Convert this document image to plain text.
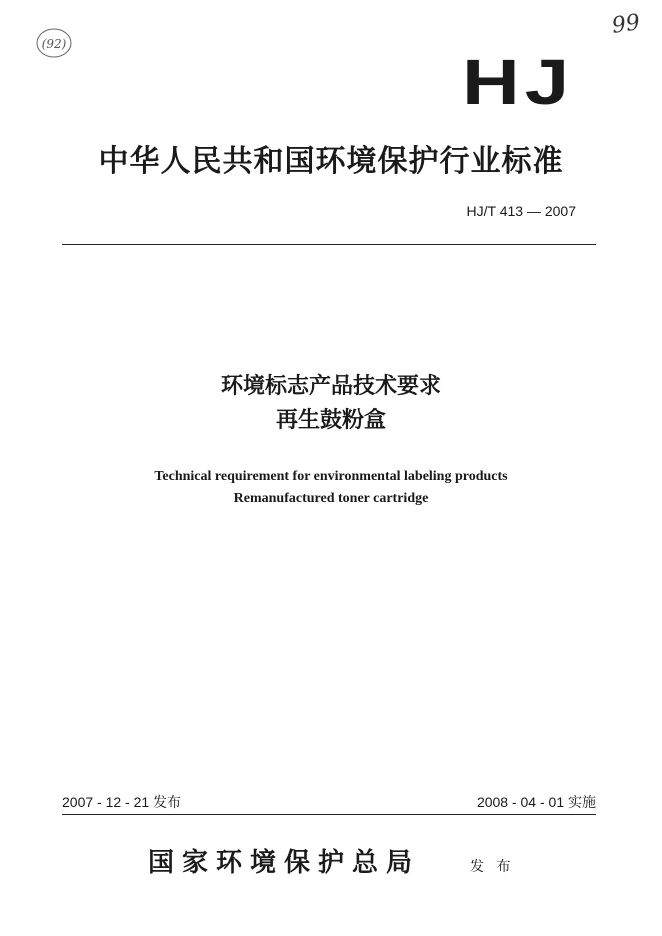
(92)
99
HJ
中华人民共和国环境保护行业标准
HJ/T 413 — 2007
环境标志产品技术要求
再生鼓粉盒
Technical requirement for environmental labeling products
Remanufactured toner cartridge
2007 - 12 - 21 发布	2008 - 04 - 01 实施
国家环境保护总局	发 布
